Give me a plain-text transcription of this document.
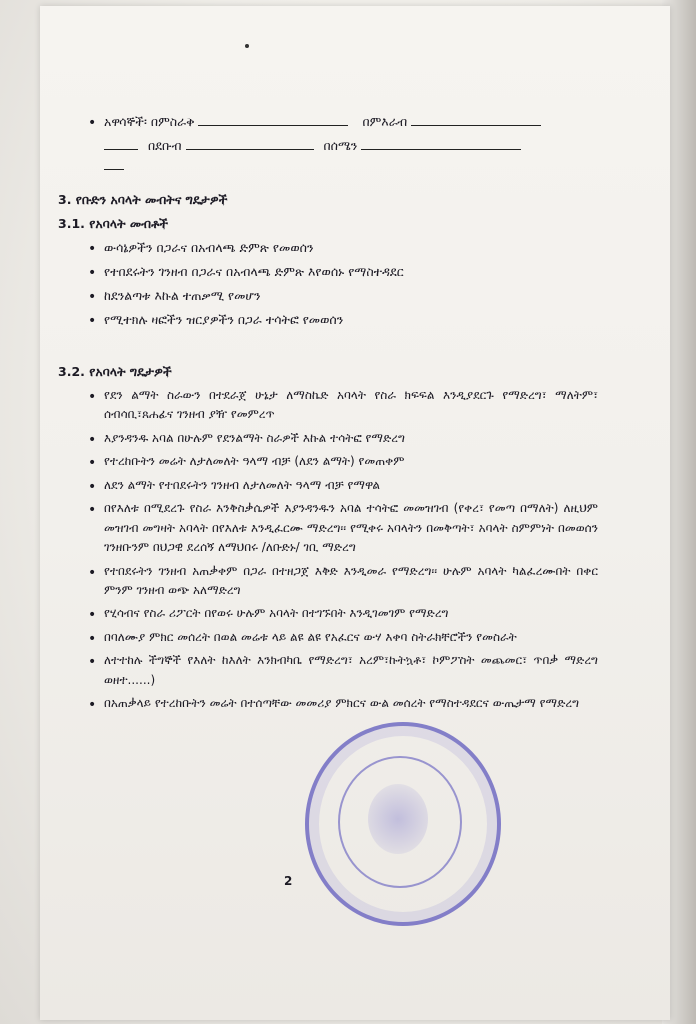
• አዋሳኞች፡ በምስራቅ	በምእራብ
በደቡብ	በሰሜን
3. የቡድን አባላት መብትና ግዴታዎች
3.1. የአባላት መብቶች
• ውሳኔዎችን በጋራና በአብላጫ ድምጽ የመወሰን
• የተበደሩትን ገንዘብ በጋራና በአብላጫ ድምጽ እየወሰኑ የማስተዳደር
• ከደንልጣቱ እኩል ተጠቃሚ የመሆን
• የሚተክሉ ዛፎችን ዝርያዎችን በጋራ ተሳትፎ የመወሰን
3.2. የአባላት ግዴታዎች
• የደን ልማት ስራውን በተደራጀ ሁኔታ ለማስኬድ አባላት የስራ ክፍፍል እንዲያደርጉ የማድረግ፣ ማለትም፣ ሰብሳቢ፣ጸሐፊና ገንዘብ ያዥ የመምረጥ
• እያንዳንዱ አባል በሁሉም የደንልማት ስራዎች እኩል ተሳትፎ የማድረግ
• የተረከቡትን መሬት ለታለመለት ዓላማ ብቻ (ለደን ልማት) የመጠቀም
• ለደን ልማት የተበደሩትን ገንዘብ ለታለመለት ዓላማ ብቻ የማዋል
• በየእለቱ በሚደረጉ የስራ እንቅስቃሴዎች እያንዳንዱን አባል ተሳትፎ መመዝገብ (የቀረ፣ የመጣ በማለት) ለዚህም መዝገብ መግዛት አባላት በየእለቱ እንዲፈርሙ ማድረግ፡፡ የሚቀሩ አባላትን በመቅጣት፣ አባላት ስምምነት በመወሰን ገንዘቡንም በህጋዊ ደረሰኝ ለማህበሩ /ለቡድኑ/ ገቢ ማድረግ
• የተበደሩትን ገንዘብ አጠቃቀም በጋራ በተዘጋጀ እቅድ እንዲመራ የማድረግ፡፡ ሁሉም አባላት ካልፈረሙበት በቀር ምንም ገንዘብ ወጭ አለማድረግ
• የሂሳብና የስራ ሪፖርት በየወሩ ሁሉም አባላት በተገኙበት እንዲገመገም የማድረግ
• በባለሙያ ምክር መሰረት በወል መሬቱ ላይ ልዩ ልዩ የአፈርና ውሃ እቀባ ስትራክቸሮችን የመስራት
• ለተተከሉ ችግኞች የእለት ከእለት እንክብካቤ የማድረግ፣ አረም፣ኩትኳቶ፣ ኮምፖስት መጨመር፣ ጥበቃ ማድረግ ወዘተ......)
• በአጠቃላይ የተረከቡትን መሬት በተሰጣቸው መመሪያ ምክርና ውል መሰረት የማስተዳደርና ውጤታማ የማድረግ
2
